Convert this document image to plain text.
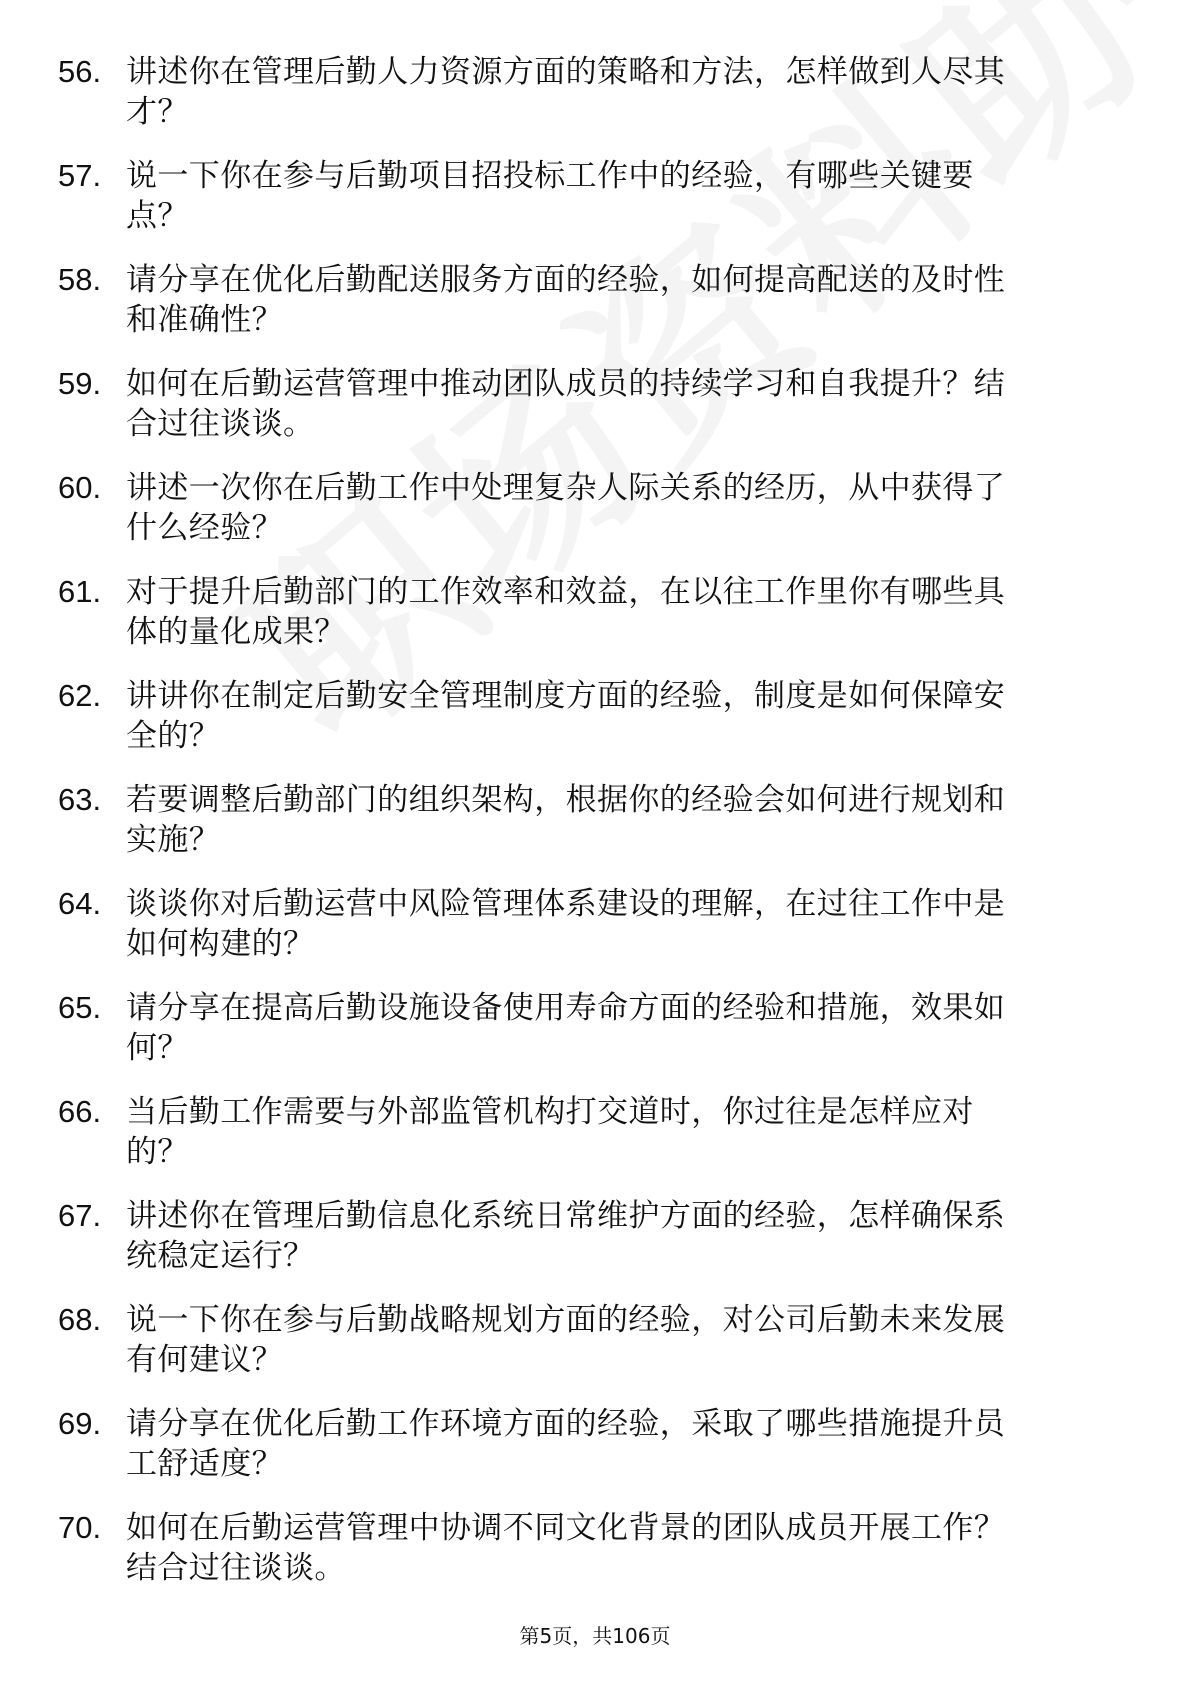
56. 讲述你在管理后勤人力资源方面的策略和方法，怎样做到人尽其
才？
57. 说一下你在参与后勤项目招投标工作中的经验，有哪些关键要
点？
58. 请分享在优化后勤配送服务方面的经验，如何提高配送的及时性
和准确性？
59. 如何在后勤运营管理中推动团队成员的持续学习和自我提升？结
合过往谈谈。
60. 讲述一次你在后勤工作中处理复杂人际关系的经历，从中获得了
什么经验？
61. 对于提升后勤部门的工作效率和效益，在以往工作里你有哪些具
体的量化成果？
62. 讲讲你在制定后勤安全管理制度方面的经验，制度是如何保障安
全的？
63. 若要调整后勤部门的组织架构，根据你的经验会如何进行规划和
实施？
64. 谈谈你对后勤运营中风险管理体系建设的理解，在过往工作中是
如何构建的？
65. 请分享在提高后勤设施设备使用寿命方面的经验和措施，效果如
何？
66. 当后勤工作需要与外部监管机构打交道时，你过往是怎样应对
的？
67. 讲述你在管理后勤信息化系统日常维护方面的经验，怎样确保系
统稳定运行？
68. 说一下你在参与后勤战略规划方面的经验，对公司后勤未来发展
有何建议？
69. 请分享在优化后勤工作环境方面的经验，采取了哪些措施提升员
工舒适度？
70. 如何在后勤运营管理中协调不同文化背景的团队成员开展工作？
结合过往谈谈。
第5页，共106页
